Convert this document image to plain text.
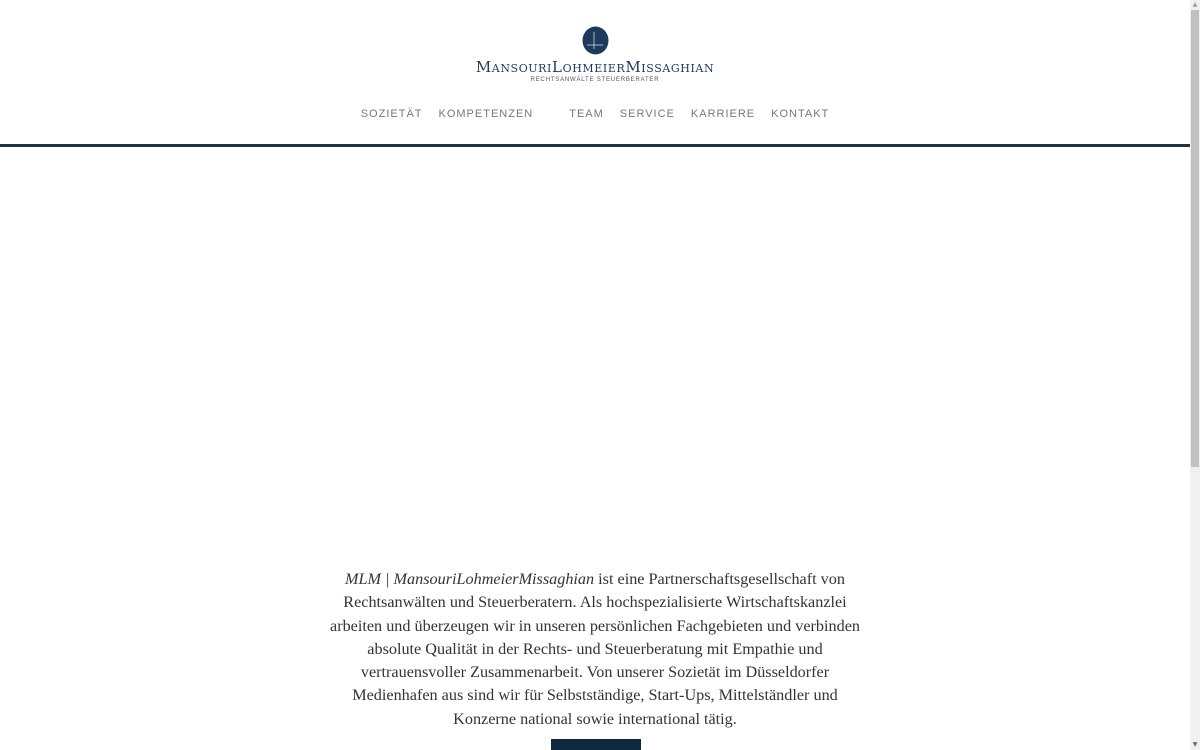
MansouriLohmeierMissaghian
RECHTSANWÄLTE STEUERBERATER
SOZIETÄT KOMPETENZEN	TEAM SERVICE KARRIERE KONTAKT

MLM | MansouriLohmeierMissaghian ist eine Partnerschaftsgesellschaft von Rechtsanwälten und Steuerberatern. Als hochspezialisierte Wirtschaftskanzlei arbeiten und überzeugen wir in unseren persönlichen Fachgebieten und verbinden absolute Qualität in der Rechts- und Steuerberatung mit Empathie und vertrauensvoller Zusammenarbeit. Von unserer Sozietät im Düsseldorfer Medienhafen aus sind wir für Selbstständige, Start-Ups, Mittelständler und Konzerne national sowie international tätig.

▲
▼
